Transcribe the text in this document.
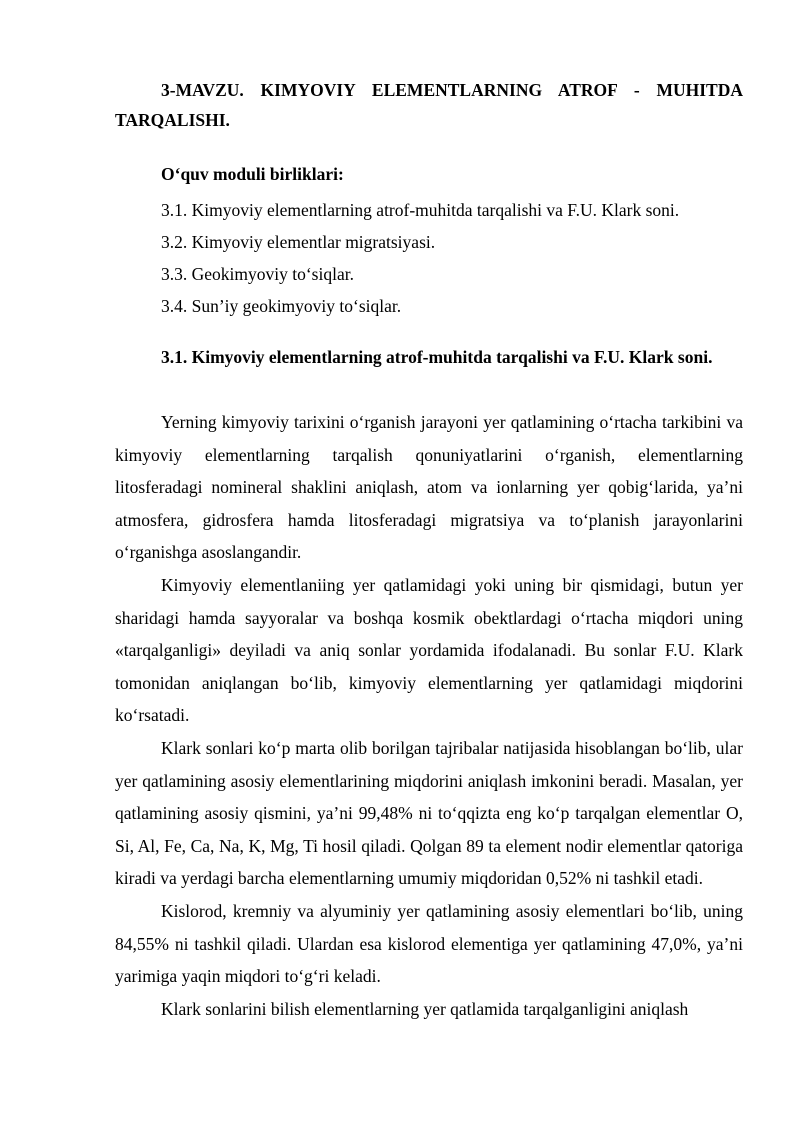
3-MAVZU. KIMYOVIY ELEMENTLARNING ATROF - MUHITDA TARQALISHI.

O‘quv moduli birliklari:

3.1. Kimyoviy elementlarning atrof-muhitda tarqalishi va F.U. Klark soni.
3.2. Kimyoviy elementlar migratsiyasi.
3.3. Geokimyoviy to‘siqlar.
3.4. Sun’iy geokimyoviy to‘siqlar.
3.1. Kimyoviy elementlarning atrof-muhitda tarqalishi va F.U. Klark soni.

Yerning kimyoviy tarixini o‘rganish jarayoni yer qatlamining o‘rtacha tarkibini va kimyoviy elementlarning tarqalish qonuniyatlarini o‘rganish, elementlarning litosferadagi nomineral shaklini aniqlash, atom va ionlarning yer qobig‘larida, ya’ni atmosfera, gidrosfera hamda litosferadagi migratsiya va to‘planish jarayonlarini o‘rganishga asoslangandir.

Kimyoviy elementlaniing yer qatlamidagi yoki uning bir qismidagi, butun yer sharidagi hamda sayyoralar va boshqa kosmik obektlardagi o‘rtacha miqdori uning «tarqalganligi» deyiladi va aniq sonlar yordamida ifodalanadi. Bu sonlar F.U. Klark tomonidan aniqlangan bo‘lib, kimyoviy elementlarning yer qatlamidagi miqdorini ko‘rsatadi.

Klark sonlari ko‘p marta olib borilgan tajribalar natijasida hisoblangan bo‘lib, ular yer qatlamining asosiy elementlarining miqdorini aniqlash imkonini beradi. Masalan, yer qatlamining asosiy qismini, ya’ni 99,48% ni to‘qqizta eng ko‘p tarqalgan elementlar O, Si, Al, Fe, Ca, Na, K, Mg, Ti hosil qiladi. Qolgan 89 ta element nodir elementlar qatoriga kiradi va yerdagi barcha elementlarning umumiy miqdoridan 0,52% ni tashkil etadi.

Kislorod, kremniy va alyuminiy yer qatlamining asosiy elementlari bo‘lib, uning 84,55% ni tashkil qiladi. Ulardan esa kislorod elementiga yer qatlamining 47,0%, ya’ni yarimiga yaqin miqdori to‘g‘ri keladi.

Klark sonlarini bilish elementlarning yer qatlamida tarqalganligini aniqlash
